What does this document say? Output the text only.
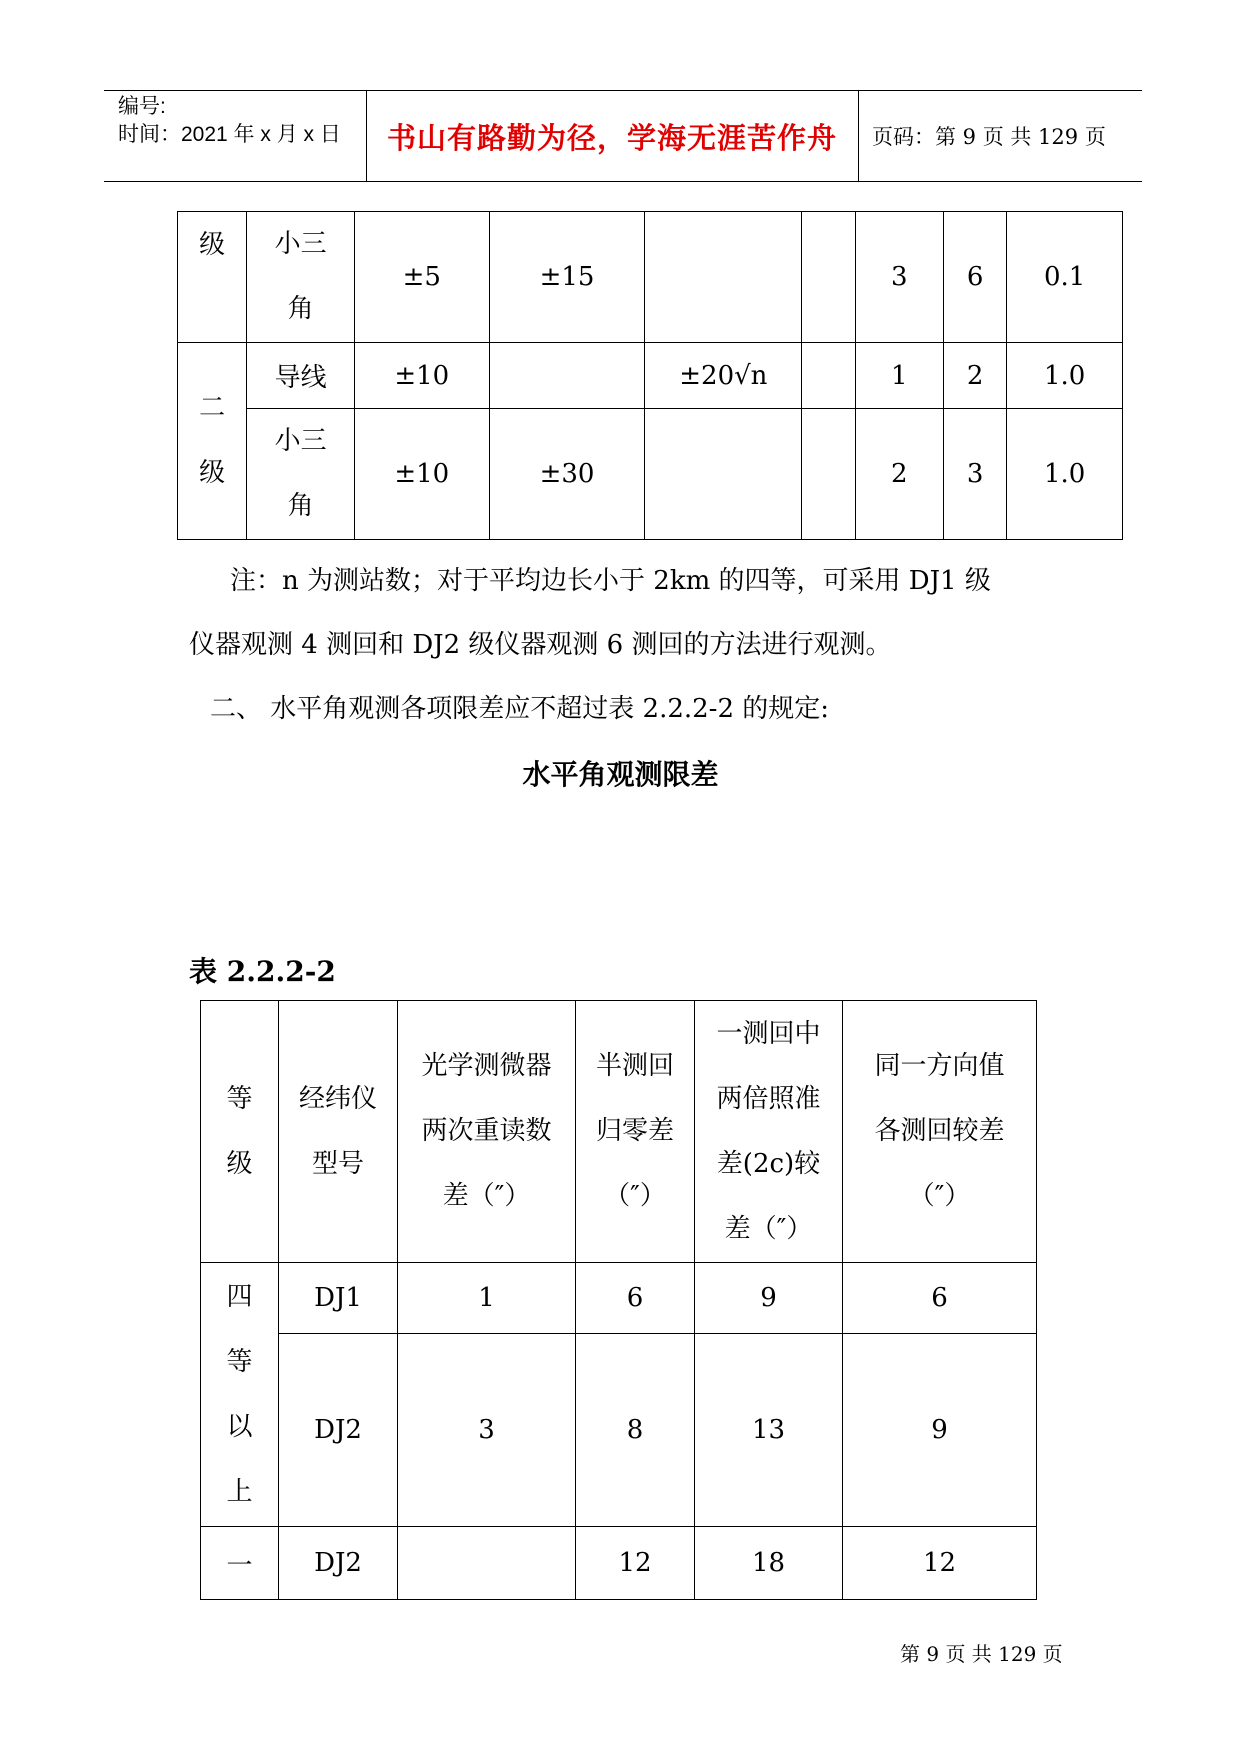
编号:
时间：2021 年 x 月 x 日	书山有路勤为径，学海无涯苦作舟	页码：第 9 页 共 129 页
级	小三角	±5	±15			3	6	0.1
二级	导线	±10		±20√n		1	2	1.0
	小三角	±10	±30			2	3	1.0
注：n 为测站数；对于平均边长小于 2km 的四等，可采用 DJ1 级
仪器观测 4 测回和 DJ2 级仪器观测 6 测回的方法进行观测。
二、 水平角观测各项限差应不超过表 2.2.2-2 的规定:
水平角观测限差
表 2.2.2-2
等级	经纬仪型号	光学测微器两次重读数差（″）	半测回归零差（″）	一测回中两倍照准差(2c)较差（″）	同一方向值各测回较差（″）
四等以上	DJ1	1	6	9	6
	DJ2	3	8	13	9
一	DJ2		12	18	12
第 9 页 共 129 页
